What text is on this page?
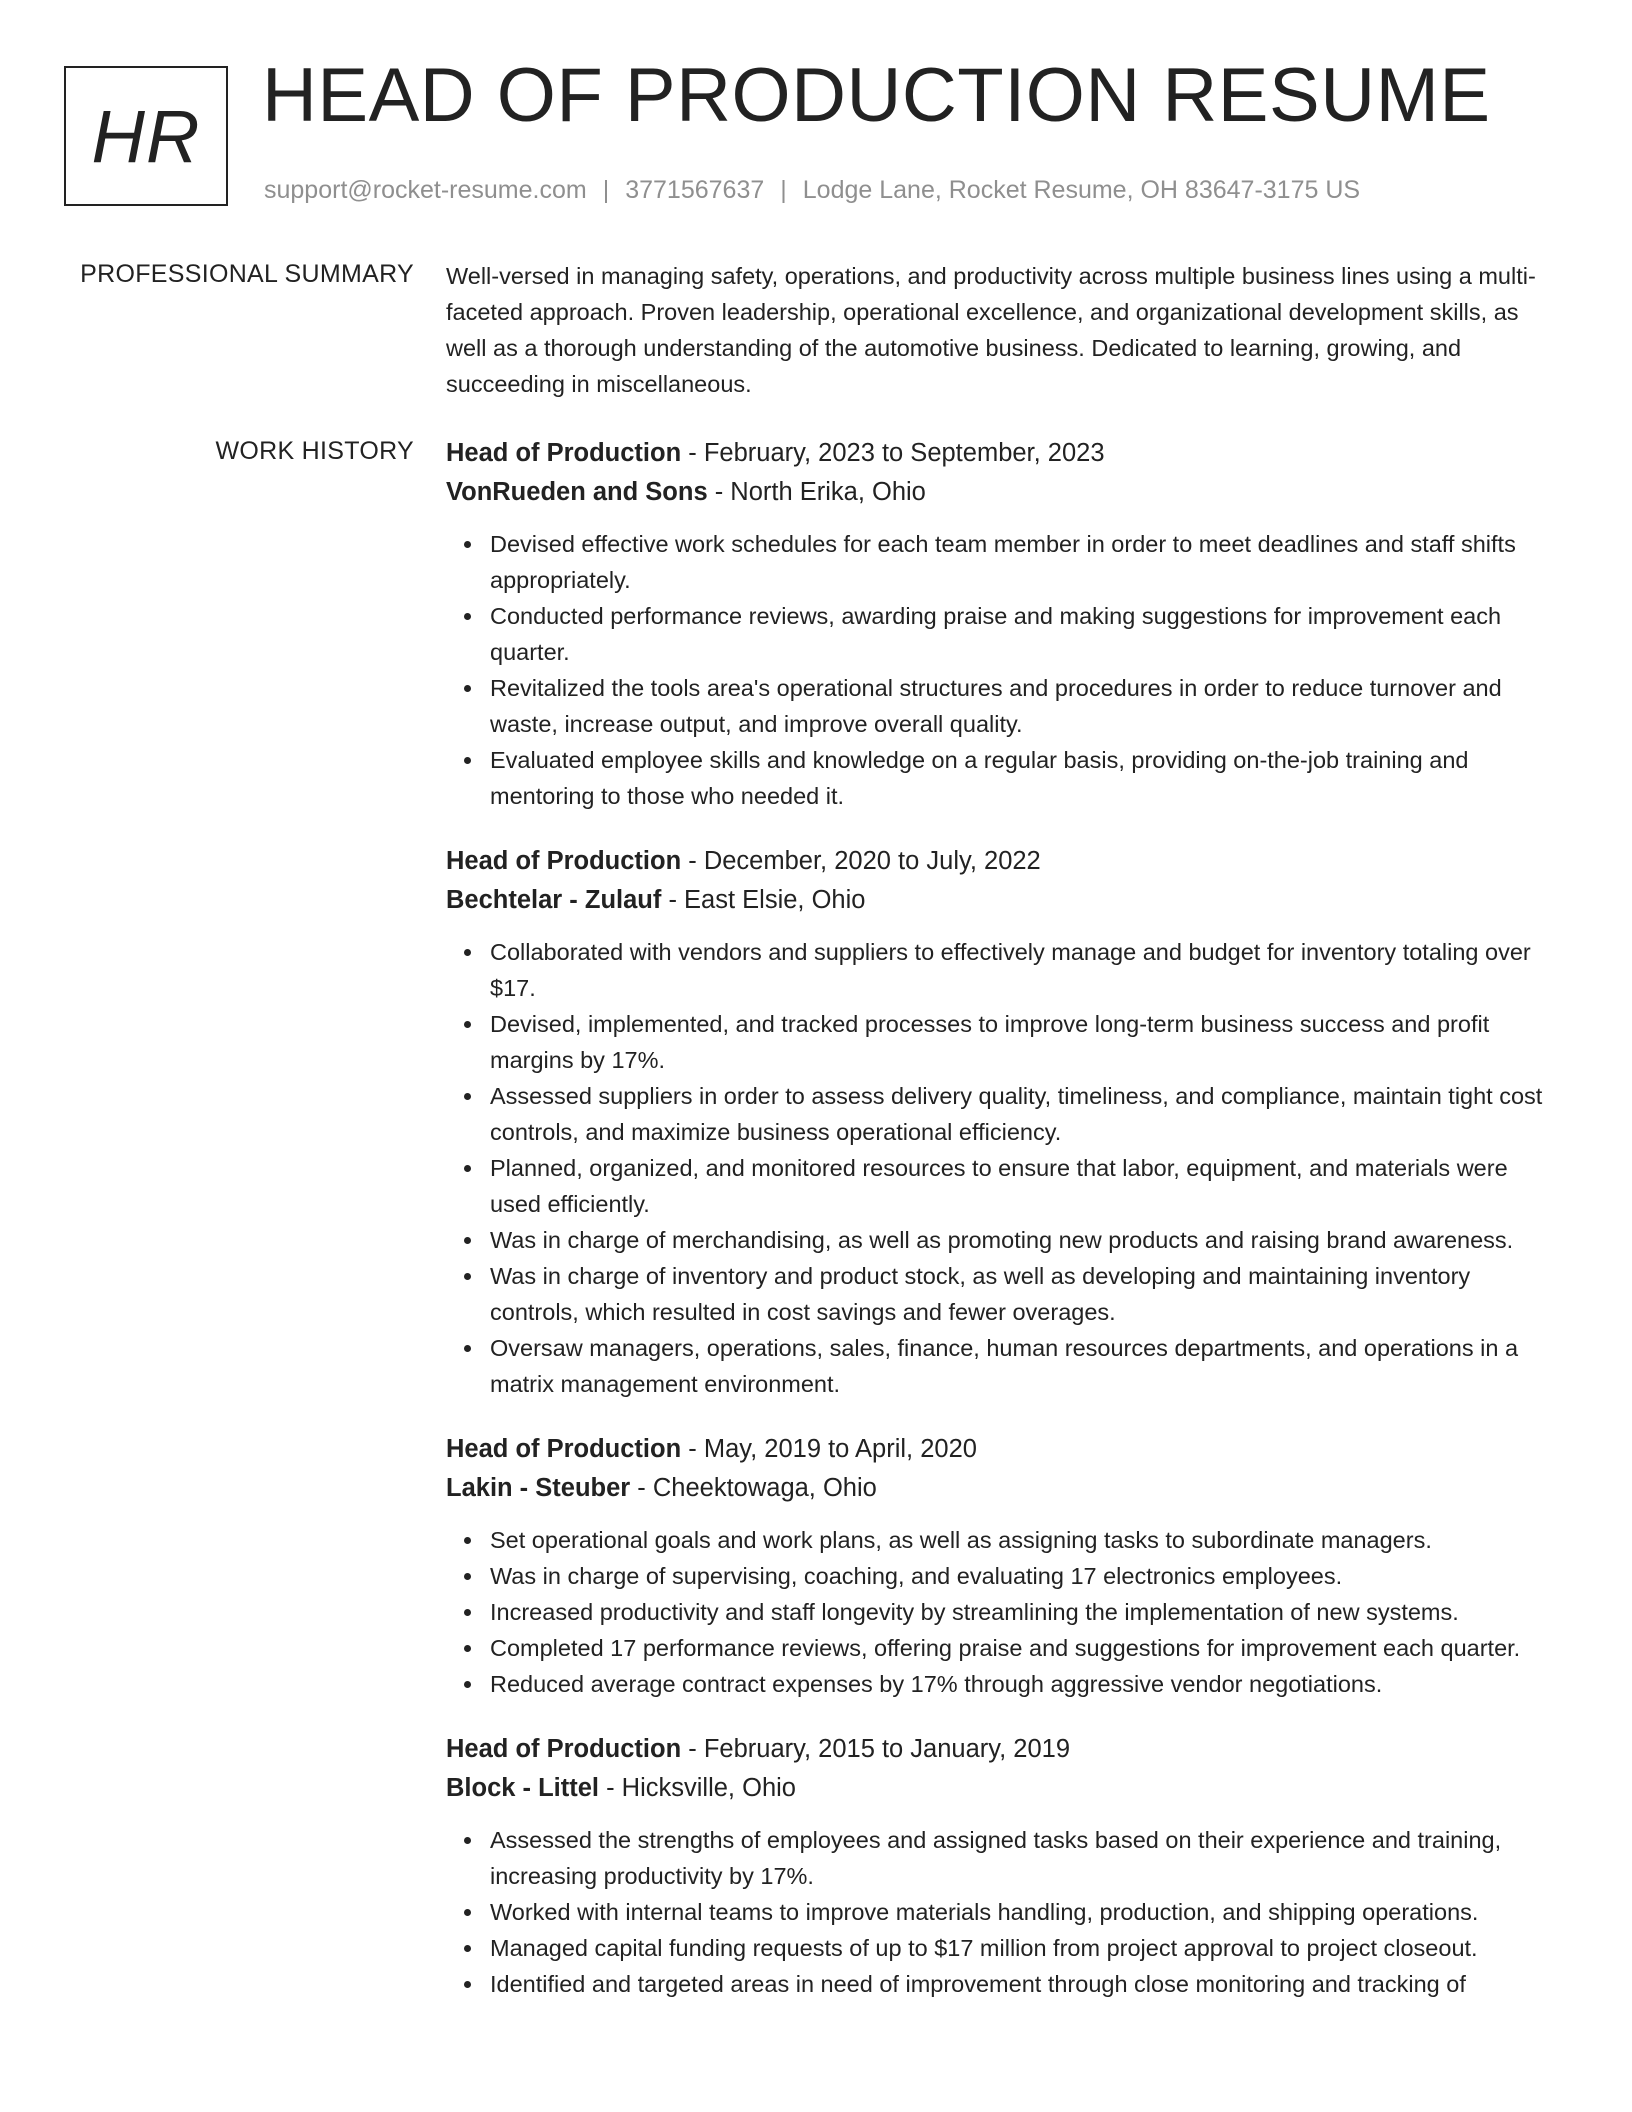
HR HEAD OF PRODUCTION RESUME
support@rocket-resume.com | 3771567637 | Lodge Lane, Rocket Resume, OH 83647-3175 US
PROFESSIONAL SUMMARY Well-versed in managing safety, operations, and productivity across multiple business lines using a multi-faceted approach. Proven leadership, operational excellence, and organizational development skills, as well as a thorough understanding of the automotive business. Dedicated to learning, growing, and succeeding in miscellaneous.

WORK HISTORY Head of Production - February, 2023 to September, 2023
VonRueden and Sons - North Erika, Ohio
Devised effective work schedules for each team member in order to meet deadlines and staff shifts appropriately.
Conducted performance reviews, awarding praise and making suggestions for improvement each quarter.
Revitalized the tools area's operational structures and procedures in order to reduce turnover and waste, increase output, and improve overall quality.
Evaluated employee skills and knowledge on a regular basis, providing on-the-job training and mentoring to those who needed it.
Head of Production - December, 2020 to July, 2022
Bechtelar - Zulauf - East Elsie, Ohio
Collaborated with vendors and suppliers to effectively manage and budget for inventory totaling over $17.
Devised, implemented, and tracked processes to improve long-term business success and profit margins by 17%.
Assessed suppliers in order to assess delivery quality, timeliness, and compliance, maintain tight cost controls, and maximize business operational efficiency.
Planned, organized, and monitored resources to ensure that labor, equipment, and materials were used efficiently.
Was in charge of merchandising, as well as promoting new products and raising brand awareness.
Was in charge of inventory and product stock, as well as developing and maintaining inventory controls, which resulted in cost savings and fewer overages.
Oversaw managers, operations, sales, finance, human resources departments, and operations in a matrix management environment.
Head of Production - May, 2019 to April, 2020
Lakin - Steuber - Cheektowaga, Ohio
Set operational goals and work plans, as well as assigning tasks to subordinate managers.
Was in charge of supervising, coaching, and evaluating 17 electronics employees.
Increased productivity and staff longevity by streamlining the implementation of new systems.
Completed 17 performance reviews, offering praise and suggestions for improvement each quarter.
Reduced average contract expenses by 17% through aggressive vendor negotiations.
Head of Production - February, 2015 to January, 2019
Block - Littel - Hicksville, Ohio
Assessed the strengths of employees and assigned tasks based on their experience and training, increasing productivity by 17%.
Worked with internal teams to improve materials handling, production, and shipping operations.
Managed capital funding requests of up to $17 million from project approval to project closeout.
Identified and targeted areas in need of improvement through close monitoring and tracking of
